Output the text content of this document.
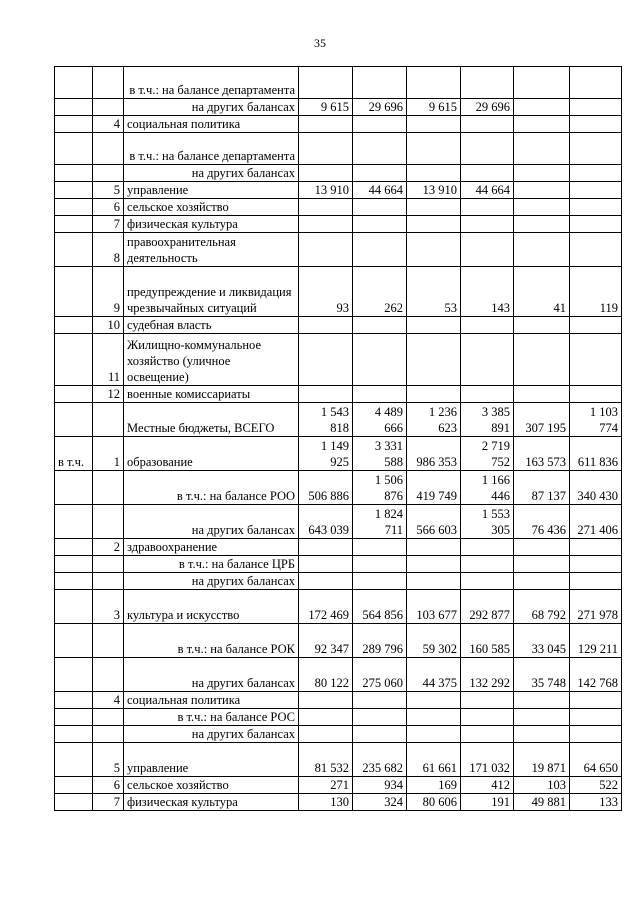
35
		в т.ч.: на балансе департамента						
		на других балансах	9 615	29 696	9 615	29 696		
	4	социальная политика						
		в т.ч.: на балансе департамента						
		на других балансах						
	5	управление	13 910	44 664	13 910	44 664		
	6	сельское хозяйство						
	7	физическая культура						
	8	правоохранительная деятельность						
	9	предупреждение и ликвидация чрезвычайных ситуаций	93	262	53	143	41	119
	10	судебная власть						
	11	Жилищно-коммунальное хозяйство (уличное освещение)						
	12	военные комиссариаты						
		Местные бюджеты, ВСЕГО	1 543 818	4 489 666	1 236 623	3 385 891	307 195	1 103 774
в т.ч.	1	образование	1 149 925	3 331 588	986 353	2 719 752	163 573	611 836
		в т.ч.: на балансе РОО	506 886	1 506 876	419 749	1 166 446	87 137	340 430
		на других балансах	643 039	1 824 711	566 603	1 553 305	76 436	271 406
	2	здравоохранение						
		в т.ч.: на балансе ЦРБ						
		на других балансах						
	3	культура и искусство	172 469	564 856	103 677	292 877	68 792	271 978
		в т.ч.: на балансе РОК	92 347	289 796	59 302	160 585	33 045	129 211
		на других балансах	80 122	275 060	44 375	132 292	35 748	142 768
	4	социальная политика						
		в т.ч.: на балансе РОС						
		на других балансах						
	5	управление	81 532	235 682	61 661	171 032	19 871	64 650
	6	сельское хозяйство	271	934	169	412	103	522
	7	физическая культура	130	324	80 606	191	49 881	133
